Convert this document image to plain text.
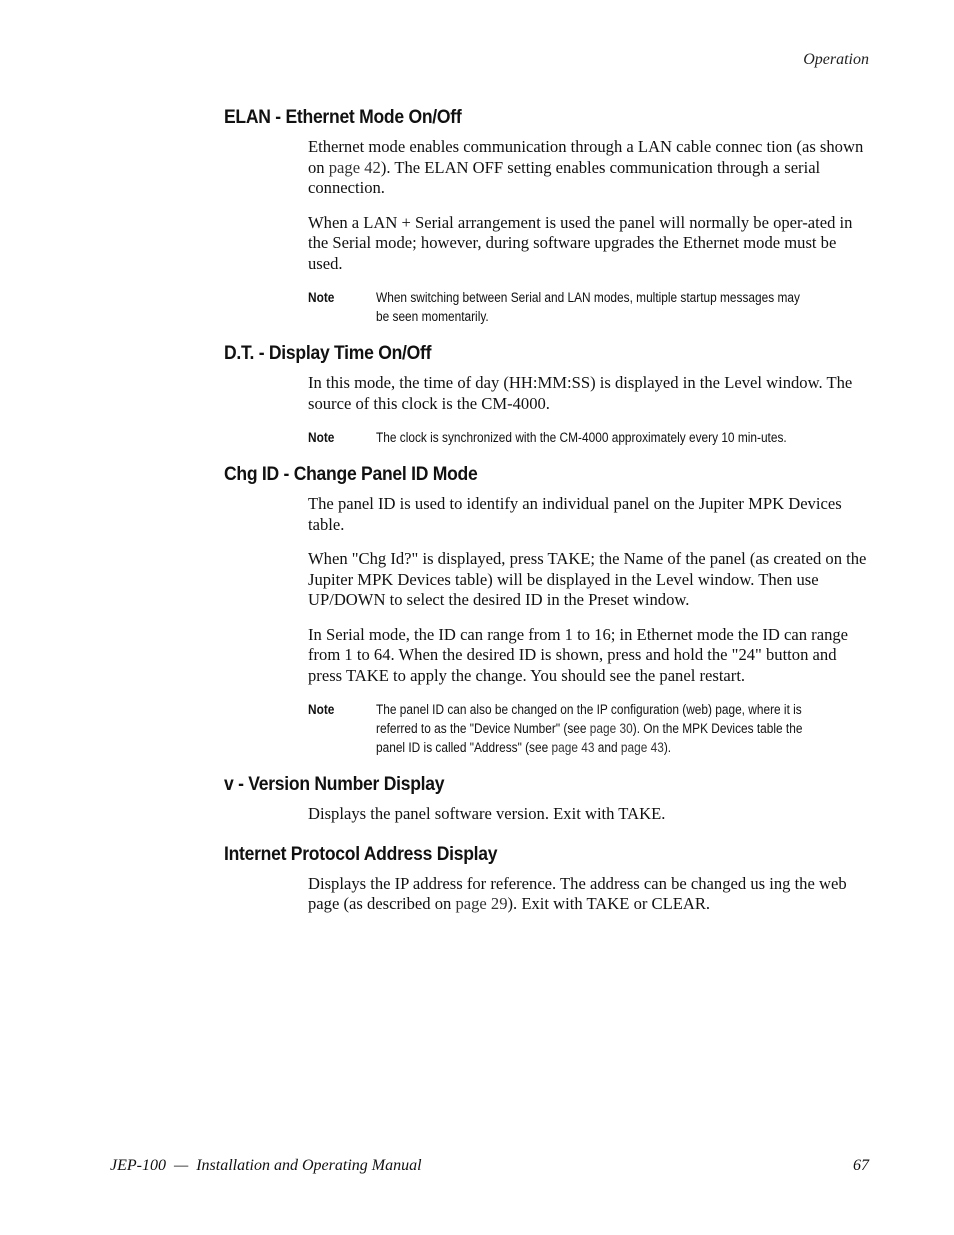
Operation
ELAN - Ethernet Mode On/Off

Ethernet mode enables communication through a LAN cable connec tion (as shown on page 42). The ELAN OFF setting enables communication through a serial connection.

When a LAN + Serial arrangement is used the panel will normally be oper-ated in the Serial mode; however, during software upgrades the Ethernet mode must be used.

Note	When switching between Serial and LAN modes, multiple startup messages may be seen momentarily.
D.T. - Display Time On/Off

In this mode, the time of day (HH:MM:SS) is displayed in the Level window. The source of this clock is the CM-4000.

Note	The clock is synchronized with the CM-4000 approximately every 10 min-utes.
Chg ID - Change Panel ID Mode

The panel ID is used to identify an individual panel on the Jupiter MPK Devices table.

When "Chg Id?" is displayed, press TAKE; the Name of the panel (as created on the Jupiter MPK Devices table) will be displayed in the Level window. Then use UP/DOWN to select the desired ID in the Preset window.

In Serial mode, the ID can range from 1 to 16; in Ethernet mode the ID can range from 1 to 64. When the desired ID is shown, press and hold the "24" button and press TAKE to apply the change. You should see the panel restart.

Note	The panel ID can also be changed on the IP configuration (web) page, where it is referred to as the "Device Number" (see page 30). On the MPK Devices table the panel ID is called "Address" (see page 43 and page 43).
v - Version Number Display

Displays the panel software version. Exit with TAKE.

Internet Protocol Address Display

Displays the IP address for reference. The address can be changed us ing the web page (as described on page 29). Exit with TAKE or CLEAR.

JEP-100  —  Installation and Operating Manual	67
